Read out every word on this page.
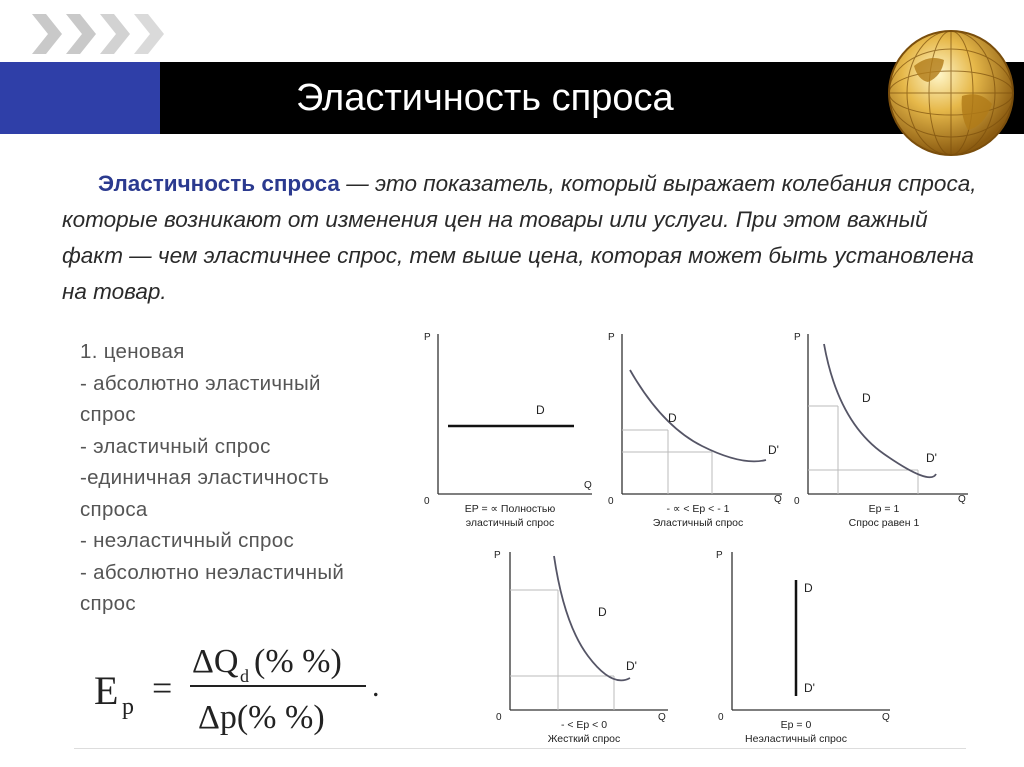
Эластичность спроса

Эластичность спроса — это показатель, который выражает колебания спроса, которые возникают от изменения цен на товары или услуги. При этом важный факт — чем эластичнее спрос, тем выше цена, которая может быть установлена на товар.

1. ценовая
- абсолютно эластичный
спрос
- эластичный спрос
-единичная эластичность
спроса
- неэластичный спрос
- абсолютно неэластичный
спрос
E p =
ΔQ d (% %)
Δp(% %)
.
P
Q
0
D
EP = ∝ Полностью
эластичный спрос
P
Q
0
D
D'
- ∝ < Eр < - 1
Эластичный спрос
P
Q
0
D
D'
Eр = 1
Спрос равен 1
P
Q
0
D
D'
- < Eр < 0
Жесткий спрос
P
Q
0
D
D'
Eр = 0
Неэластичный спрос
